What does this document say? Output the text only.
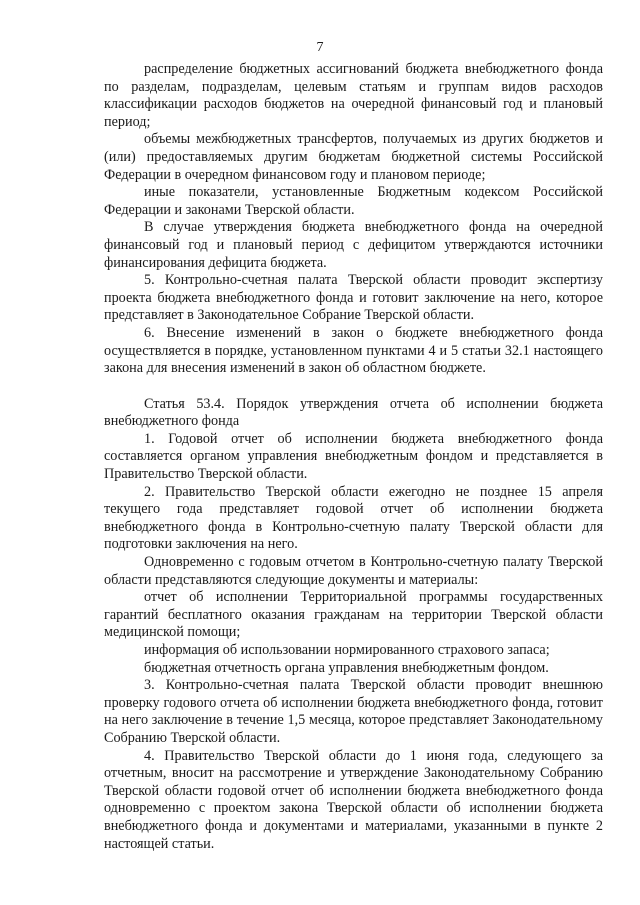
7

распределение бюджетных ассигнований бюджета внебюджетного фонда по разделам, подразделам, целевым статьям и группам видов расходов классификации расходов бюджетов на очередной финансовый год и плановый период;

объемы межбюджетных трансфертов, получаемых из других бюджетов и (или) предоставляемых другим бюджетам бюджетной системы Российской Федерации в очередном финансовом году и плановом периоде;

иные показатели, установленные Бюджетным кодексом Российской Федерации и законами Тверской области.

В случае утверждения бюджета внебюджетного фонда на очередной финансовый год и плановый период с дефицитом утверждаются источники финансирования дефицита бюджета.

5. Контрольно-счетная палата Тверской области проводит экспертизу проекта бюджета внебюджетного фонда и готовит заключение на него, которое представляет в Законодательное Собрание Тверской области.

6. Внесение изменений в закон о бюджете внебюджетного фонда осуществляется в порядке, установленном пунктами 4 и 5 статьи 32.1 настоящего закона для внесения изменений в закон об областном бюджете.

Статья 53.4. Порядок утверждения отчета об исполнении бюджета внебюджетного фонда

1. Годовой отчет об исполнении бюджета внебюджетного фонда составляется органом управления внебюджетным фондом и представляется в Правительство Тверской области.

2. Правительство Тверской области ежегодно не позднее 15 апреля текущего года представляет годовой отчет об исполнении бюджета внебюджетного фонда в Контрольно-счетную палату Тверской области для подготовки заключения на него.

Одновременно с годовым отчетом в Контрольно-счетную палату Тверской области представляются следующие документы и материалы:

отчет об исполнении Территориальной программы государственных гарантий бесплатного оказания гражданам на территории Тверской области медицинской помощи;

информация об использовании нормированного страхового запаса;

бюджетная отчетность органа управления внебюджетным фондом.

3. Контрольно-счетная палата Тверской области проводит внешнюю проверку годового отчета об исполнении бюджета внебюджетного фонда, готовит на него заключение в течение 1,5 месяца, которое представляет Законодательному Собранию Тверской области.

4. Правительство Тверской области до 1 июня года, следующего за отчетным, вносит на рассмотрение и утверждение Законодательному Собранию Тверской области годовой отчет об исполнении бюджета внебюджетного фонда одновременно с проектом закона Тверской области об исполнении бюджета внебюджетного фонда и документами и материалами, указанными в пункте 2 настоящей статьи.
